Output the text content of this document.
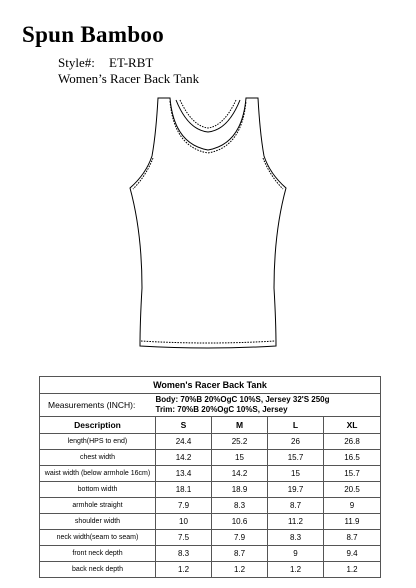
Spun Bamboo
Style#: ET-RBT
Women’s Racer Back Tank
Women's Racer Back Tank				
Measurements (INCH):	Body: 70%B 20%OgC 10%S, Jersey 32'S 250g
Trim: 70%B 20%OgC 10%S, Jersey			

Description	S	M	L	XL
length(HPS to end)	24.4	25.2	26	26.8
chest width	14.2	15	15.7	16.5
waist width (below armhole 16cm)	13.4	14.2	15	15.7
bottom width	18.1	18.9	19.7	20.5
armhole straight	7.9	8.3	8.7	9
shoulder width	10	10.6	11.2	11.9
neck width(seam to seam)	7.5	7.9	8.3	8.7
front neck depth	8.3	8.7	9	9.4
back neck depth	1.2	1.2	1.2	1.2
